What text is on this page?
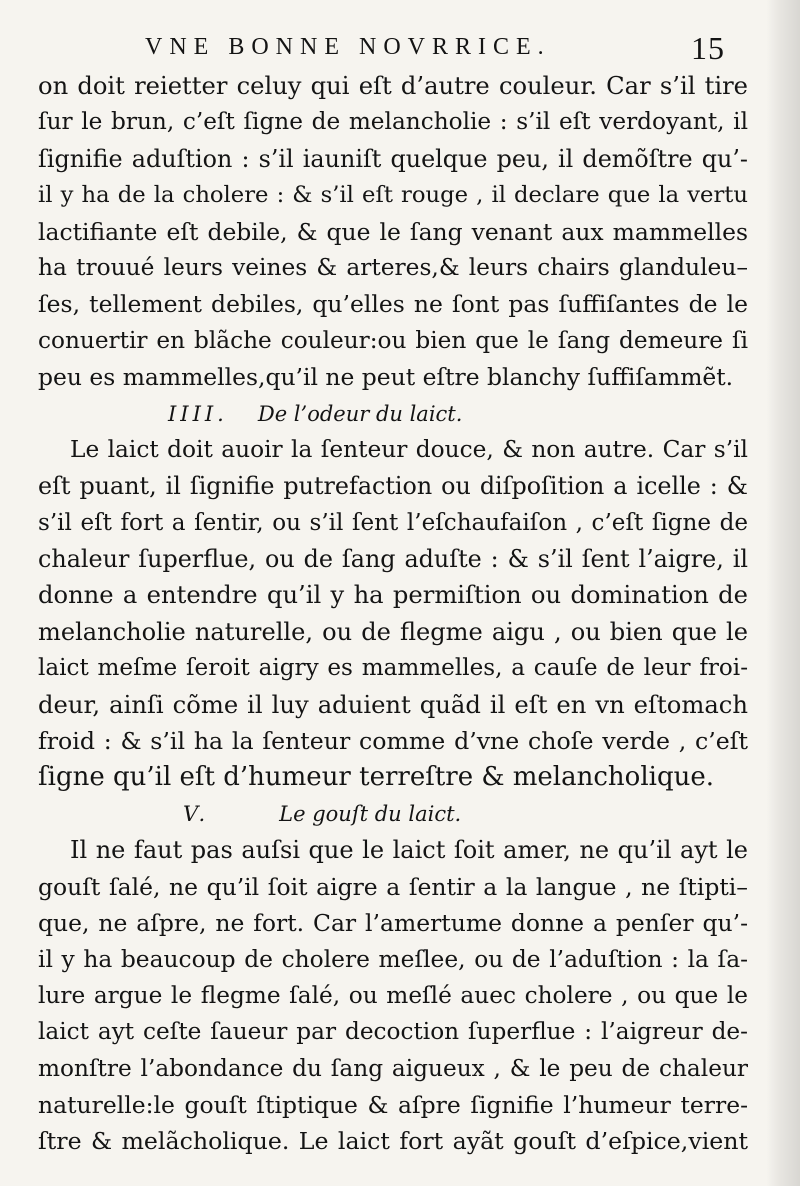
VNE BONNE NOVRRICE.	15
on doit reietter celuy qui eſt d’autre couleur. Car s’il tire
ſur le brun, c’eſt ſigne de melancholie : s’il eſt verdoyant, il
ſignifie aduſtion : s’il iauniſt quelque peu, il demõſtre qu’-
il y ha de la cholere : & s’il eſt rouge , il declare que la vertu
lactifiante eſt debile, & que le ſang venant aux mammelles
ha trouué leurs veines & arteres,& leurs chairs glanduleu–
ſes, tellement debiles, qu’elles ne ſont pas ſuffiſantes de le
conuertir en blãche couleur:ou bien que le ſang demeure ſi
peu es mammelles,qu’il ne peut eſtre blanchy ſuffiſammẽt.
IIII. De l’odeur du laict.
Le laict doit auoir la ſenteur douce, & non autre. Car s’il
eſt puant, il ſignifie putrefaction ou diſpoſition a icelle : &
s’il eſt fort a ſentir, ou s’il ſent l’eſchaufaiſon , c’eſt ſigne de
chaleur ſuperflue, ou de ſang aduſte : & s’il ſent l’aigre, il
donne a entendre qu’il y ha permiſtion ou domination de
melancholie naturelle, ou de flegme aigu , ou bien que le
laict meſme ſeroit aigry es mammelles, a cauſe de leur froi-
deur, ainſi cõme il luy aduient quãd il eſt en vn eſtomach
froid : & s’il ha la ſenteur comme d’vne choſe verde , c’eſt
ſigne qu’il eſt d’humeur terreſtre & melancholique.
V.	Le gouſt du laict.
Il ne faut pas auſsi que le laict ſoit amer, ne qu’il ayt le
gouſt ſalé, ne qu’il ſoit aigre a ſentir a la langue , ne ſtipti–
que, ne aſpre, ne fort. Car l’amertume donne a penſer qu’-
il y ha beaucoup de cholere meſlee, ou de l’aduſtion : la ſa-
lure argue le flegme ſalé, ou meſlé auec cholere , ou que le
laict ayt ceſte ſaueur par decoction ſuperflue : l’aigreur de-
monſtre l’abondance du ſang aigueux , & le peu de chaleur
naturelle:le gouſt ſtiptique & aſpre ſignifie l’humeur terre-
ſtre & melãcholique. Le laict fort ayãt gouſt d’eſpice,vient
